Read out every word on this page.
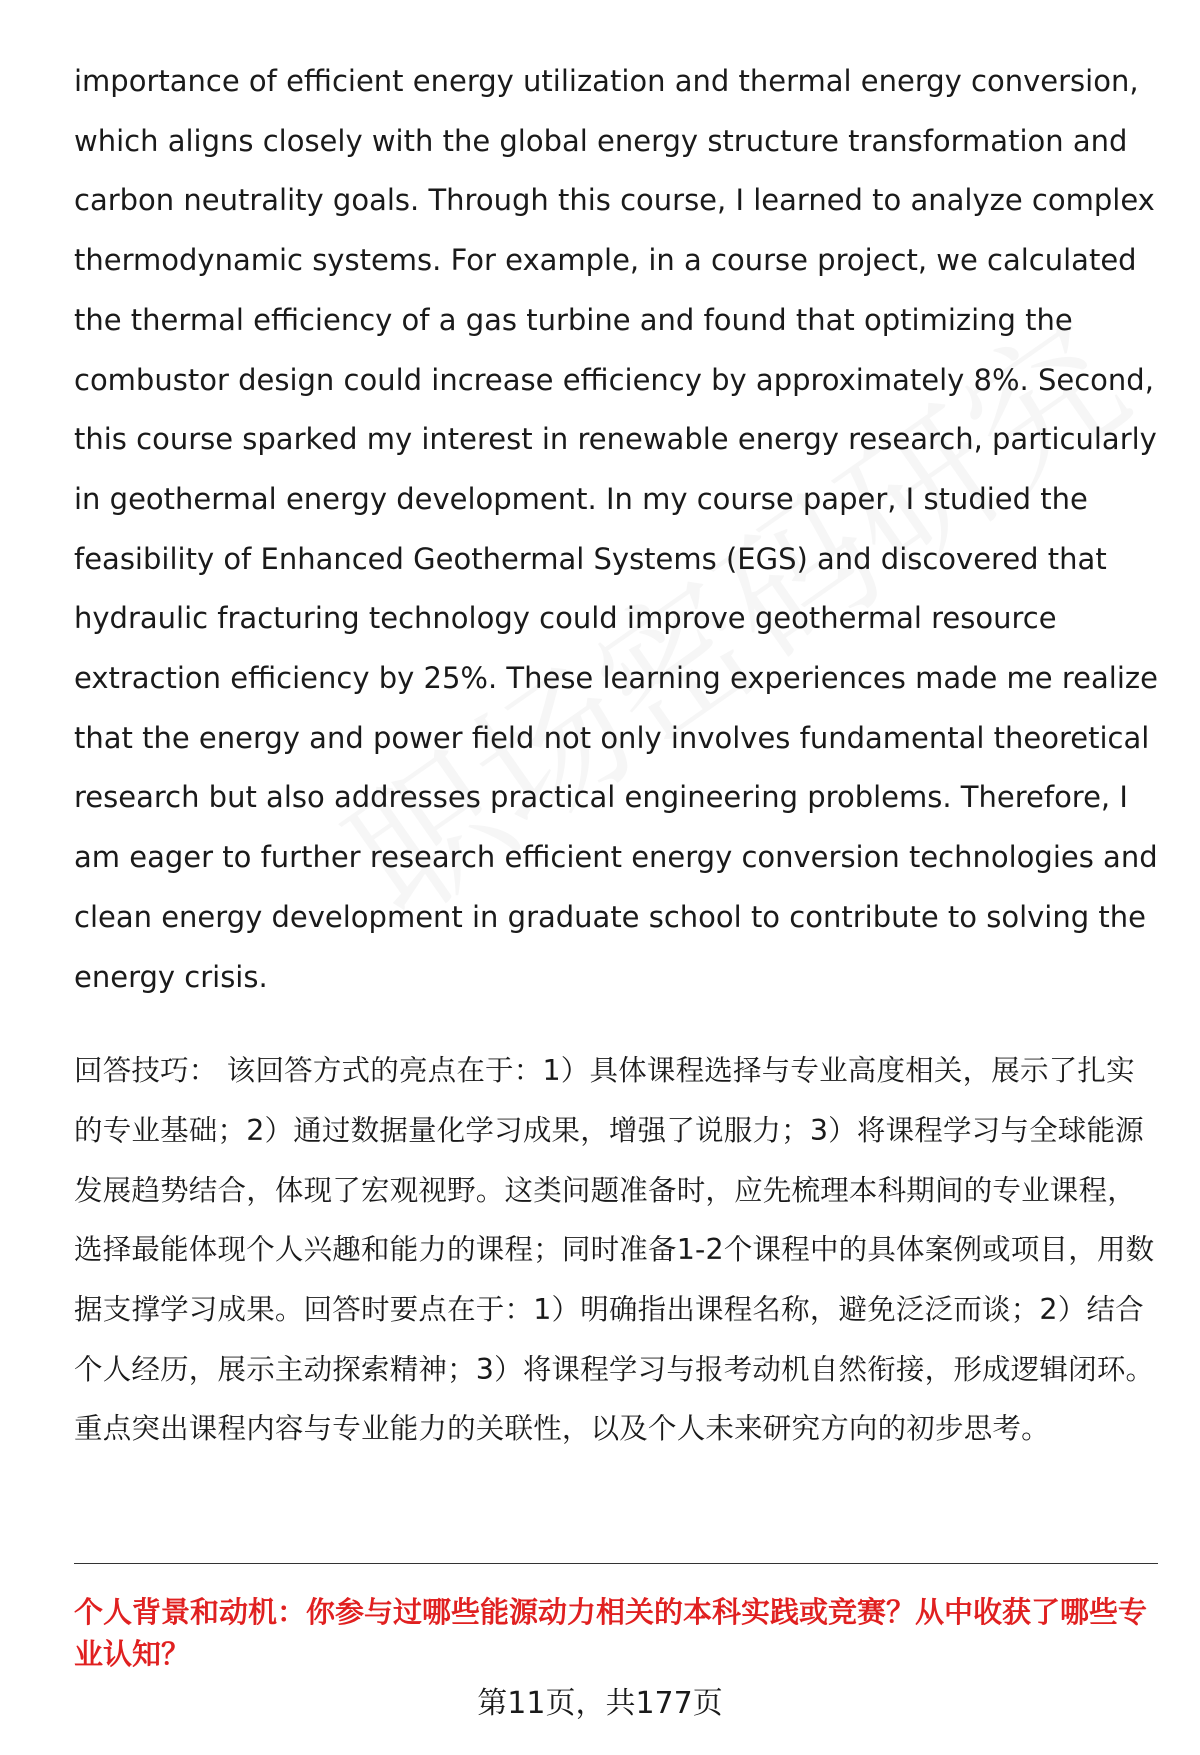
importance of efficient energy utilization and thermal energy conversion, which aligns closely with the global energy structure transformation and carbon neutrality goals. Through this course, I learned to analyze complex thermodynamic systems. For example, in a course project, we calculated the thermal efficiency of a gas turbine and found that optimizing the combustor design could increase efficiency by approximately 8%. Second, this course sparked my interest in renewable energy research, particularly in geothermal energy development. In my course paper, I studied the feasibility of Enhanced Geothermal Systems (EGS) and discovered that hydraulic fracturing technology could improve geothermal resource extraction efficiency by 25%. These learning experiences made me realize that the energy and power field not only involves fundamental theoretical research but also addresses practical engineering problems. Therefore, I am eager to further research efficient energy conversion technologies and clean energy development in graduate school to contribute to solving the energy crisis.

回答技巧： 该回答方式的亮点在于：1）具体课程选择与专业高度相关，展示了扎实的专业基础；2）通过数据量化学习成果，增强了说服力；3）将课程学习与全球能源发展趋势结合，体现了宏观视野。这类问题准备时，应先梳理本科期间的专业课程，选择最能体现个人兴趣和能力的课程；同时准备1-2个课程中的具体案例或项目，用数据支撑学习成果。回答时要点在于：1）明确指出课程名称，避免泛泛而谈；2）结合个人经历，展示主动探索精神；3）将课程学习与报考动机自然衔接，形成逻辑闭环。重点突出课程内容与专业能力的关联性，以及个人未来研究方向的初步思考。

个人背景和动机：你参与过哪些能源动力相关的本科实践或竞赛？从中收获了哪些专业认知？

第11页，共177页
